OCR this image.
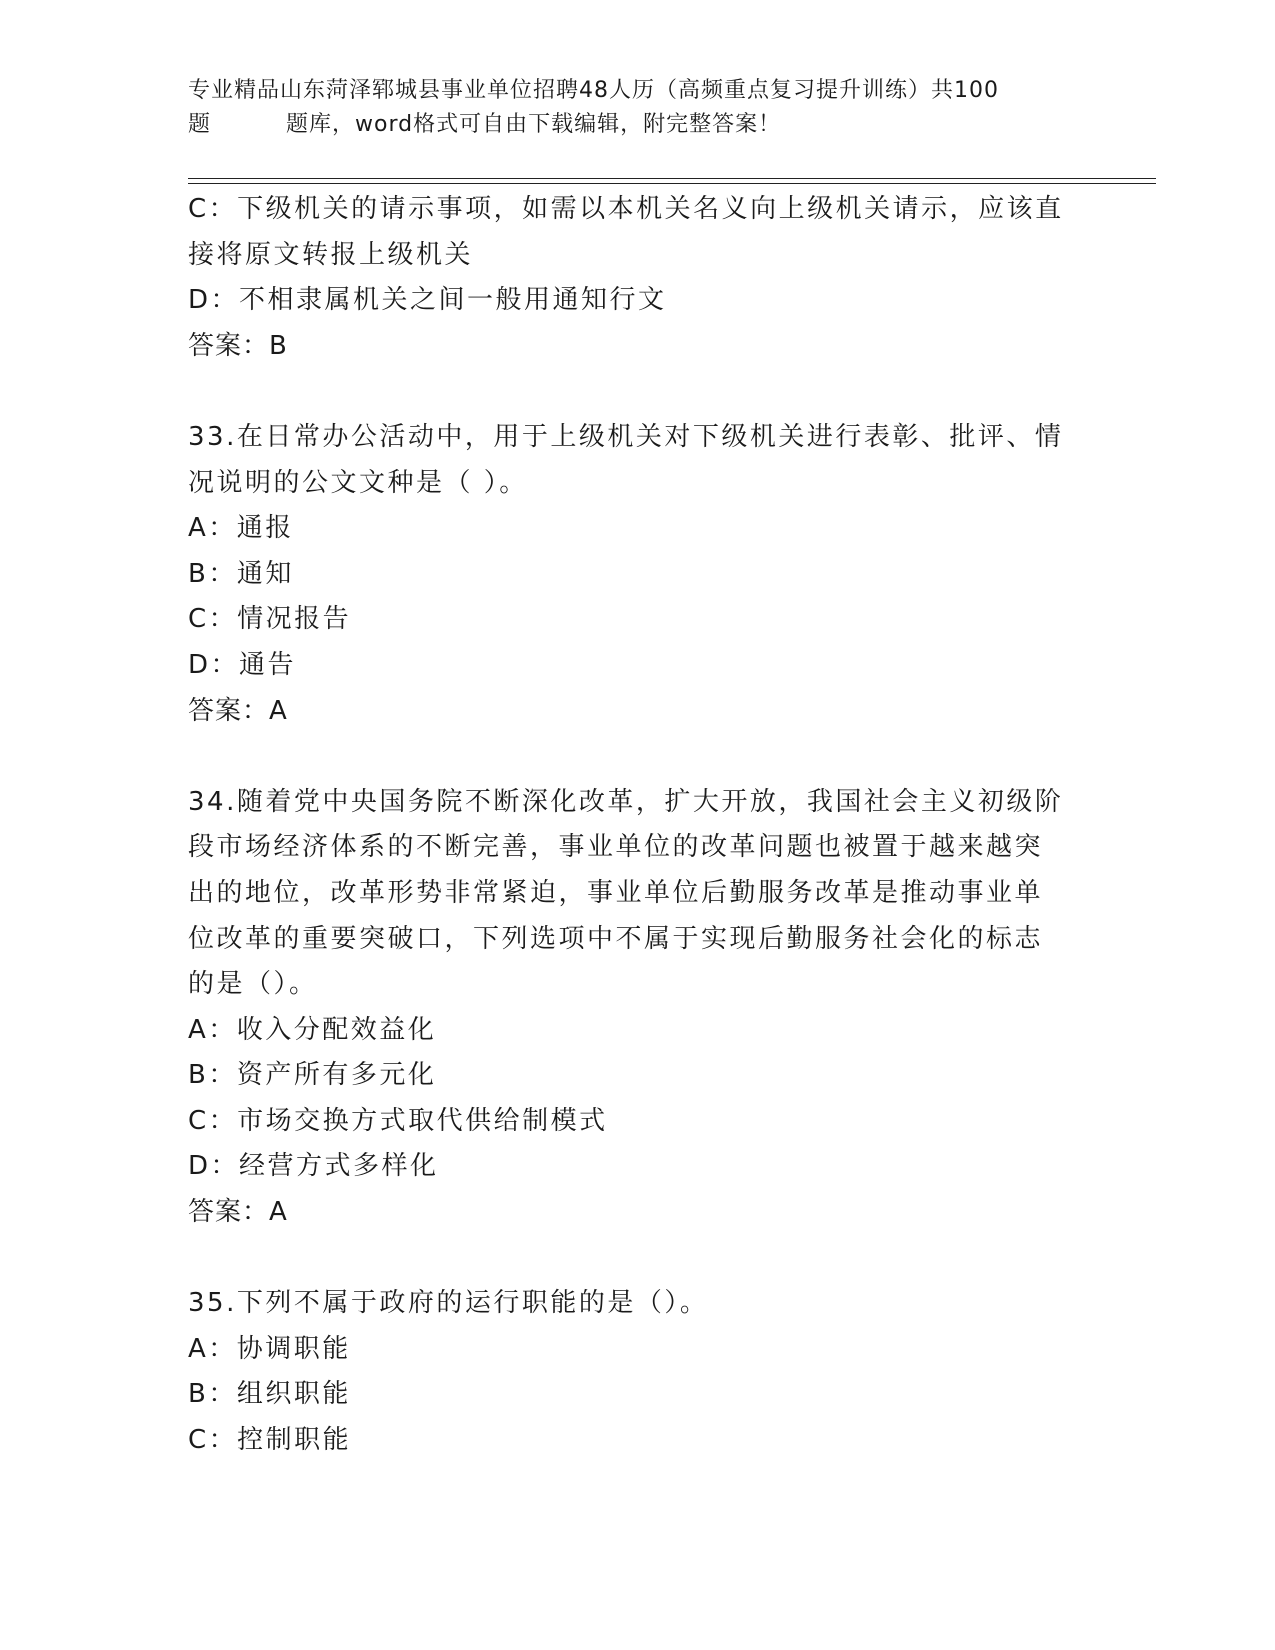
专业精品山东菏泽郓城县事业单位招聘48人历（高频重点复习提升训练）共100
题	题库，word格式可自由下载编辑，附完整答案！
C：下级机关的请示事项，如需以本机关名义向上级机关请示，应该直
接将原文转报上级机关
D：不相隶属机关之间一般用通知行文
答案：B
33.在日常办公活动中，用于上级机关对下级机关进行表彰、批评、情
况说明的公文文种是（ ）。
A：通报
B：通知
C：情况报告
D：通告
答案：A
34.随着党中央国务院不断深化改革，扩大开放，我国社会主义初级阶
段市场经济体系的不断完善，事业单位的改革问题也被置于越来越突
出的地位，改革形势非常紧迫，事业单位后勤服务改革是推动事业单
位改革的重要突破口，下列选项中不属于实现后勤服务社会化的标志
的是（）。
A：收入分配效益化
B：资产所有多元化
C：市场交换方式取代供给制模式
D：经营方式多样化
答案：A
35.下列不属于政府的运行职能的是（）。
A：协调职能
B：组织职能
C：控制职能
